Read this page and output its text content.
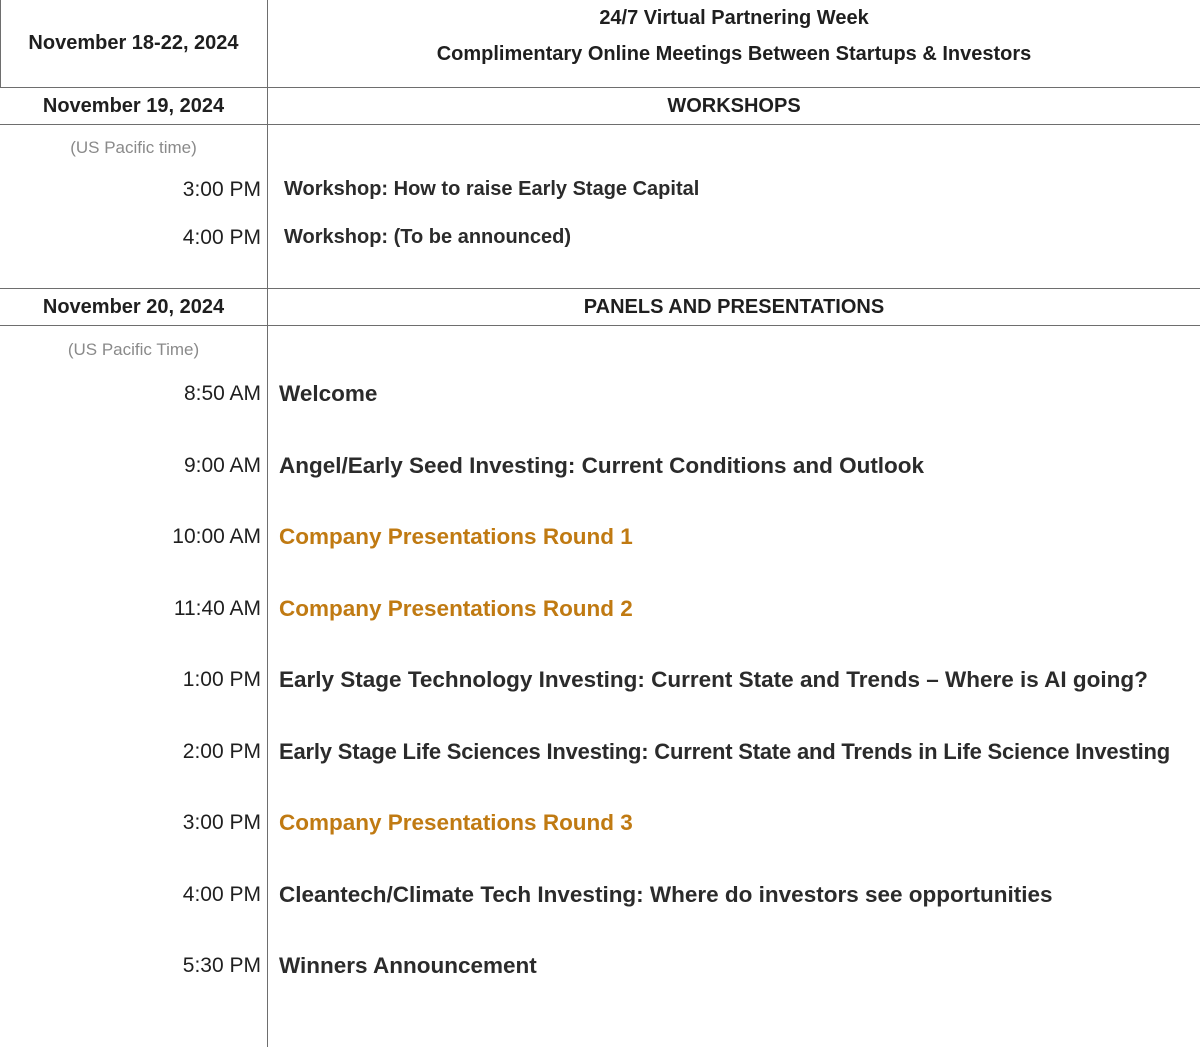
November 18-22, 2024
24/7 Virtual Partnering Week
Complimentary Online Meetings Between Startups & Investors
November 19, 2024	WORKSHOPS
(US Pacific time)
3:00 PM Workshop: How to raise Early Stage Capital
4:00 PM Workshop: (To be announced)
November 20, 2024	PANELS AND PRESENTATIONS
(US Pacific Time)
8:50 AM Welcome
9:00 AM Angel/Early Seed Investing: Current Conditions and Outlook
10:00 AM Company Presentations Round 1
11:40 AM Company Presentations Round 2
1:00 PM Early Stage Technology Investing: Current State and Trends – Where is AI going?
2:00 PM Early Stage Life Sciences Investing: Current State and Trends in Life Science Investing
3:00 PM Company Presentations Round 3
4:00 PM Cleantech/Climate Tech Investing: Where do investors see opportunities
5:30 PM Winners Announcement
